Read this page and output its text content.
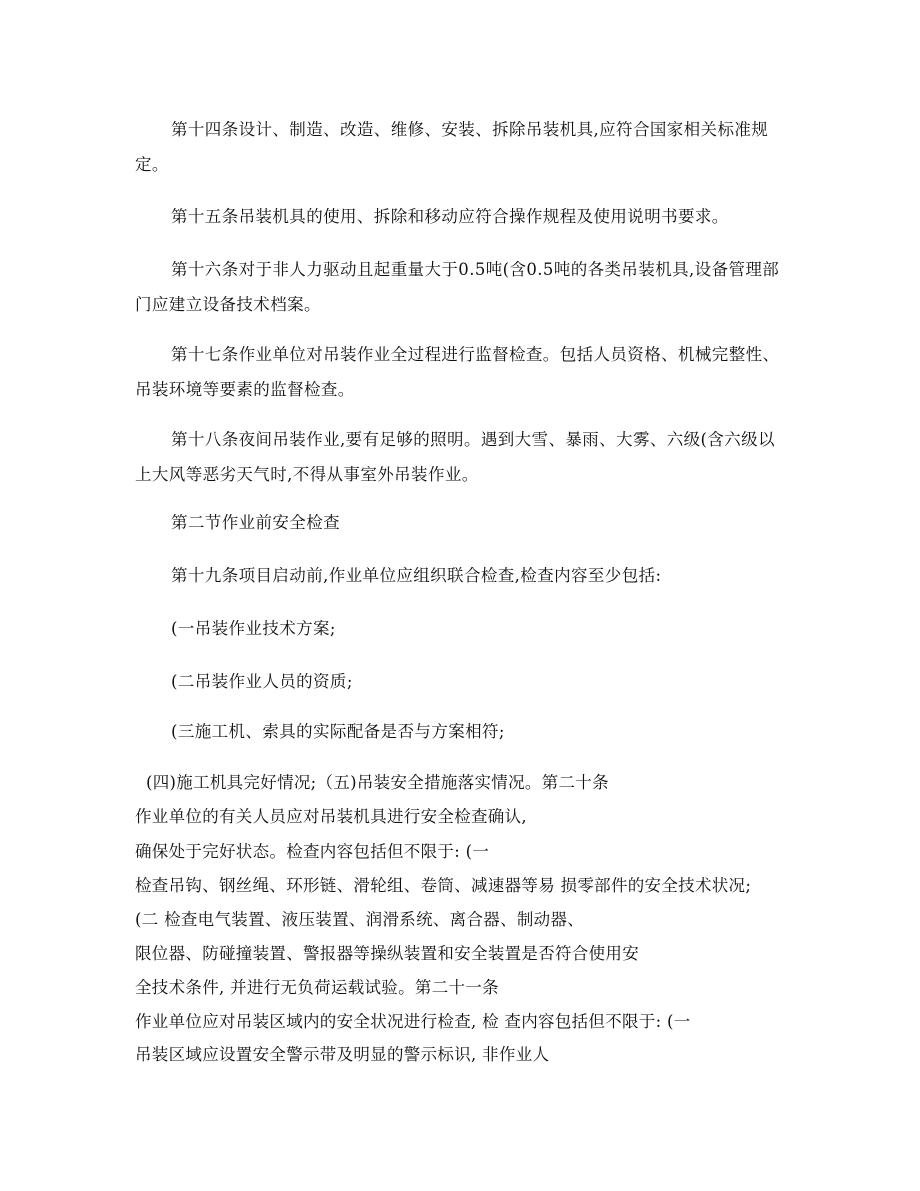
第十四条设计、制造、改造、维修、安装、拆除吊装机具,应符合国家相关标准规定。

第十五条吊装机具的使用、拆除和移动应符合操作规程及使用说明书要求。

第十六条对于非人力驱动且起重量大于0.5吨(含0.5吨的各类吊装机具,设备管理部门应建立设备技术档案。

第十七条作业单位对吊装作业全过程进行监督检查。包括人员资格、机械完整性、吊装环境等要素的监督检查。

第十八条夜间吊装作业,要有足够的照明。遇到大雪、暴雨、大雾、六级(含六级以上大风等恶劣天气时,不得从事室外吊装作业。

第二节作业前安全检查

第十九条项目启动前,作业单位应组织联合检查,检查内容至少包括:

(一吊装作业技术方案;

(二吊装作业人员的资质;

(三施工机、索具的实际配备是否与方案相符;

(四)施工机具完好情况;（五)吊装安全措施落实情况。第二十条

作业单位的有关人员应对吊装机具进行安全检查确认,

确保处于完好状态。检查内容包括但不限于: (一

检查吊钩、钢丝绳、环形链、滑轮组、卷筒、减速器等易 损零部件的安全技术状况;

(二 检查电气装置、液压装置、润滑系统、离合器、制动器、

限位器、防碰撞装置、警报器等操纵装置和安全装置是否符合使用安

全技术条件, 并进行无负荷运载试验。第二十一条

作业单位应对吊装区域内的安全状况进行检查, 检 查内容包括但不限于: (一

吊装区域应设置安全警示带及明显的警示标识, 非作业人
